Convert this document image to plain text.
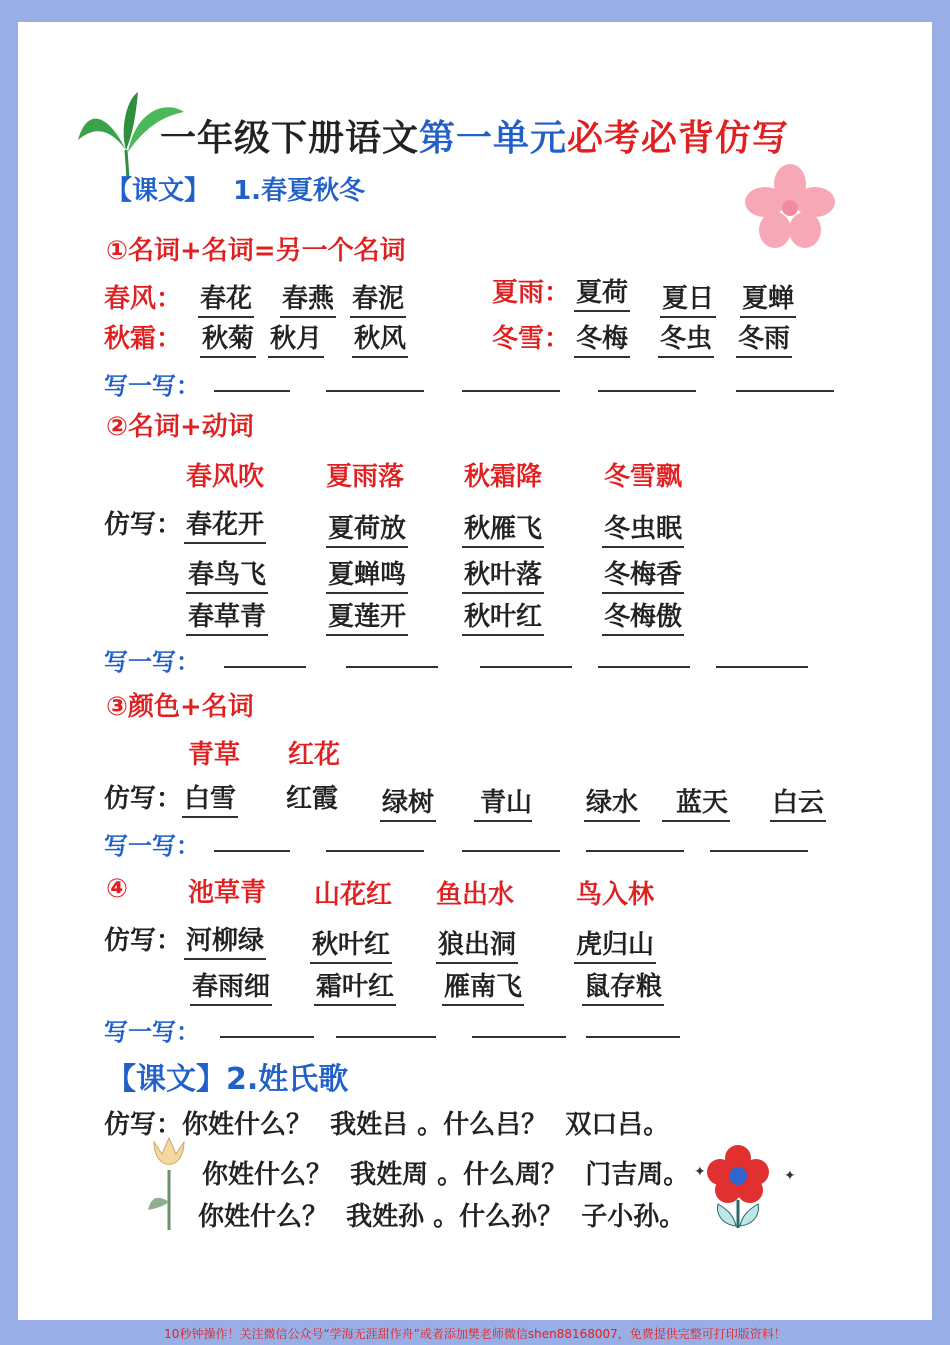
✦	✦
一年级下册语文第一单元必考必背仿写
【课文】 1.春夏秋冬
①名词+名词=另一个名词
春风： 春花 春燕 春泥	夏雨： 夏荷 夏日 夏蝉
秋霜： 秋菊 秋月 秋风	冬雪： 冬梅 冬虫 冬雨
写一写：
②名词+动词
春风吹 夏雨落 秋霜降 冬雪飘
仿写： 春花开 夏荷放 秋雁飞 冬虫眠
春鸟飞 夏蝉鸣 秋叶落 冬梅香
春草青 夏莲开 秋叶红 冬梅傲
写一写：
③颜色+名词
青草 红花
仿写： 白雪 红霞 绿树 青山 绿水	蓝天 白云
写一写：
④ 池草青 山花红 鱼出水 鸟入林
仿写： 河柳绿 秋叶红 狼出洞 虎归山
春雨细 霜叶红 雁南飞 鼠存粮
写一写：
【课文】2.姓氏歌
仿写： 你姓什么？  我姓吕 。什么吕？  双口吕。
你姓什么？  我姓周 。什么周？  门吉周。
你姓什么？  我姓孙 。什么孙？  子小孙。
10秒钟操作！关注微信公众号“学海无涯甜作舟”或者添加樊老师微信shen88168007，免费提供完整可打印版资料！
